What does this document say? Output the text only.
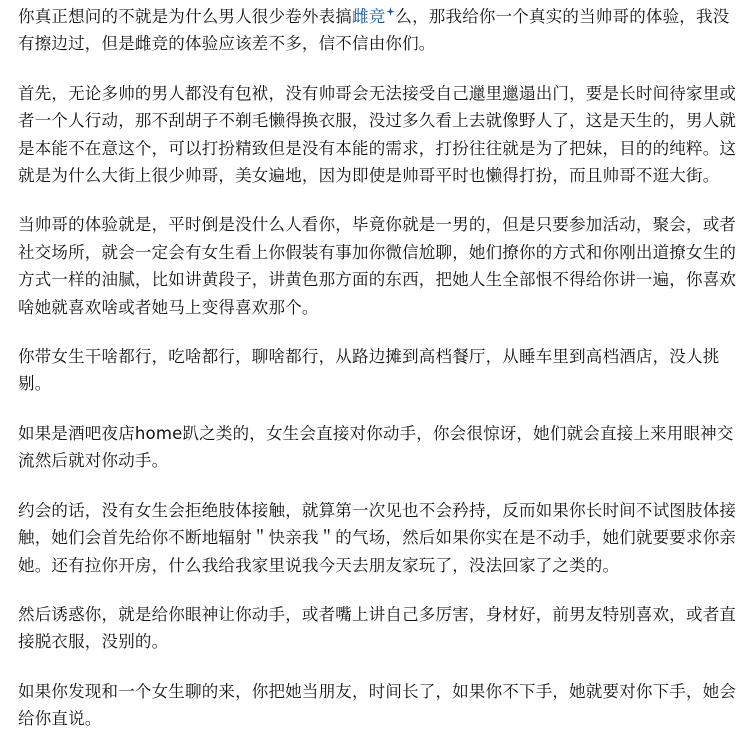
你真正想问的不就是为什么男人很少卷外表搞雌竞 么，那我给你一个真实的当帅哥的体验，我没有擦边过，但是雌竞的体验应该差不多，信不信由你们。

首先，无论多帅的男人都没有包袱，没有帅哥会无法接受自己邋里邋遢出门，要是长时间待家里或者一个人行动，那不刮胡子不剃毛懒得换衣服，没过多久看上去就像野人了，这是天生的，男人就是本能不在意这个，可以打扮精致但是没有本能的需求，打扮往往就是为了把妹，目的的纯粹。这就是为什么大街上很少帅哥，美女遍地，因为即使是帅哥平时也懒得打扮，而且帅哥不逛大街。

当帅哥的体验就是，平时倒是没什么人看你，毕竟你就是一男的，但是只要参加活动，聚会，或者社交场所，就会一定会有女生看上你假装有事加你微信尬聊，她们撩你的方式和你刚出道撩女生的方式一样的油腻，比如讲黄段子，讲黄色那方面的东西，把她人生全部恨不得给你讲一遍，你喜欢啥她就喜欢啥或者她马上变得喜欢那个。

你带女生干啥都行，吃啥都行，聊啥都行，从路边摊到高档餐厅，从睡车里到高档酒店，没人挑剔。

如果是酒吧夜店home趴之类的，女生会直接对你动手，你会很惊讶，她们就会直接上来用眼神交流然后就对你动手。

约会的话，没有女生会拒绝肢体接触，就算第一次见也不会矜持，反而如果你长时间不试图肢体接触，她们会首先给你不断地辐射＂快亲我＂的气场，然后如果你实在是不动手，她们就要要求你亲她。还有拉你开房，什么我给我家里说我今天去朋友家玩了，没法回家了之类的。

然后诱惑你，就是给你眼神让你动手，或者嘴上讲自己多厉害，身材好，前男友特别喜欢，或者直接脱衣服，没别的。

如果你发现和一个女生聊的来，你把她当朋友，时间长了，如果你不下手，她就要对你下手，她会给你直说。
